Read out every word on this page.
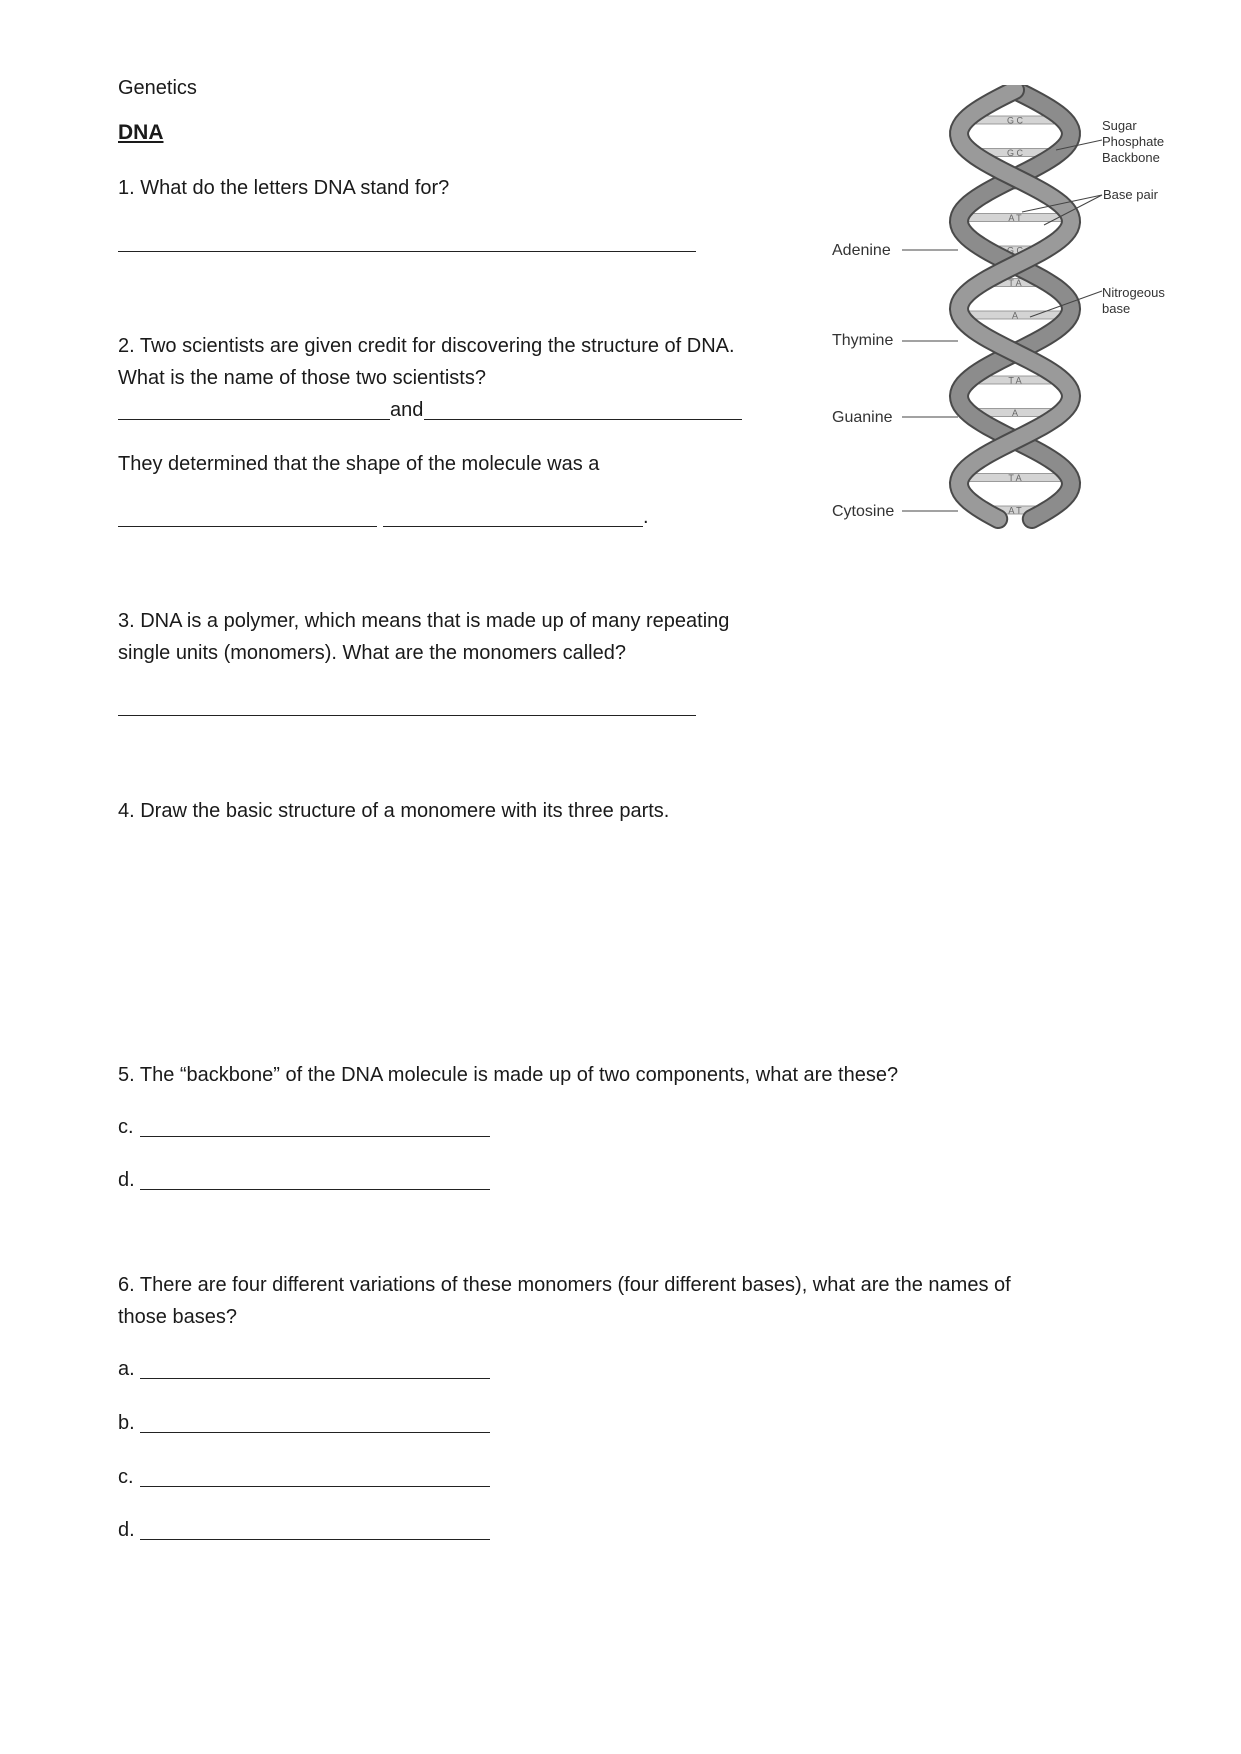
Genetics

DNA

1. What do the letters DNA stand for?

2. Two scientists are given credit for discovering the structure of DNA.

What is the name of those two scientists?

and

They determined that the shape of the molecule was a

.

3. DNA is a polymer, which means that is made up of many repeating

single units (monomers). What are the monomers called?

4. Draw the basic structure of a monomere with its three parts.

5. The “backbone” of the DNA molecule is made up of two components, what are these?

c.

d.

6. There are four different variations of these monomers (four different bases), what are the names of

those bases?

a.

b.

c.

d.

G C
G C
T A
A T
G C
T A
A
G C
T A
A
C G
T A
A T
Adenine
Thymine
Guanine
Cytosine
Sugar
Phosphate
Backbone
Base pair
Nitrogeous
base
